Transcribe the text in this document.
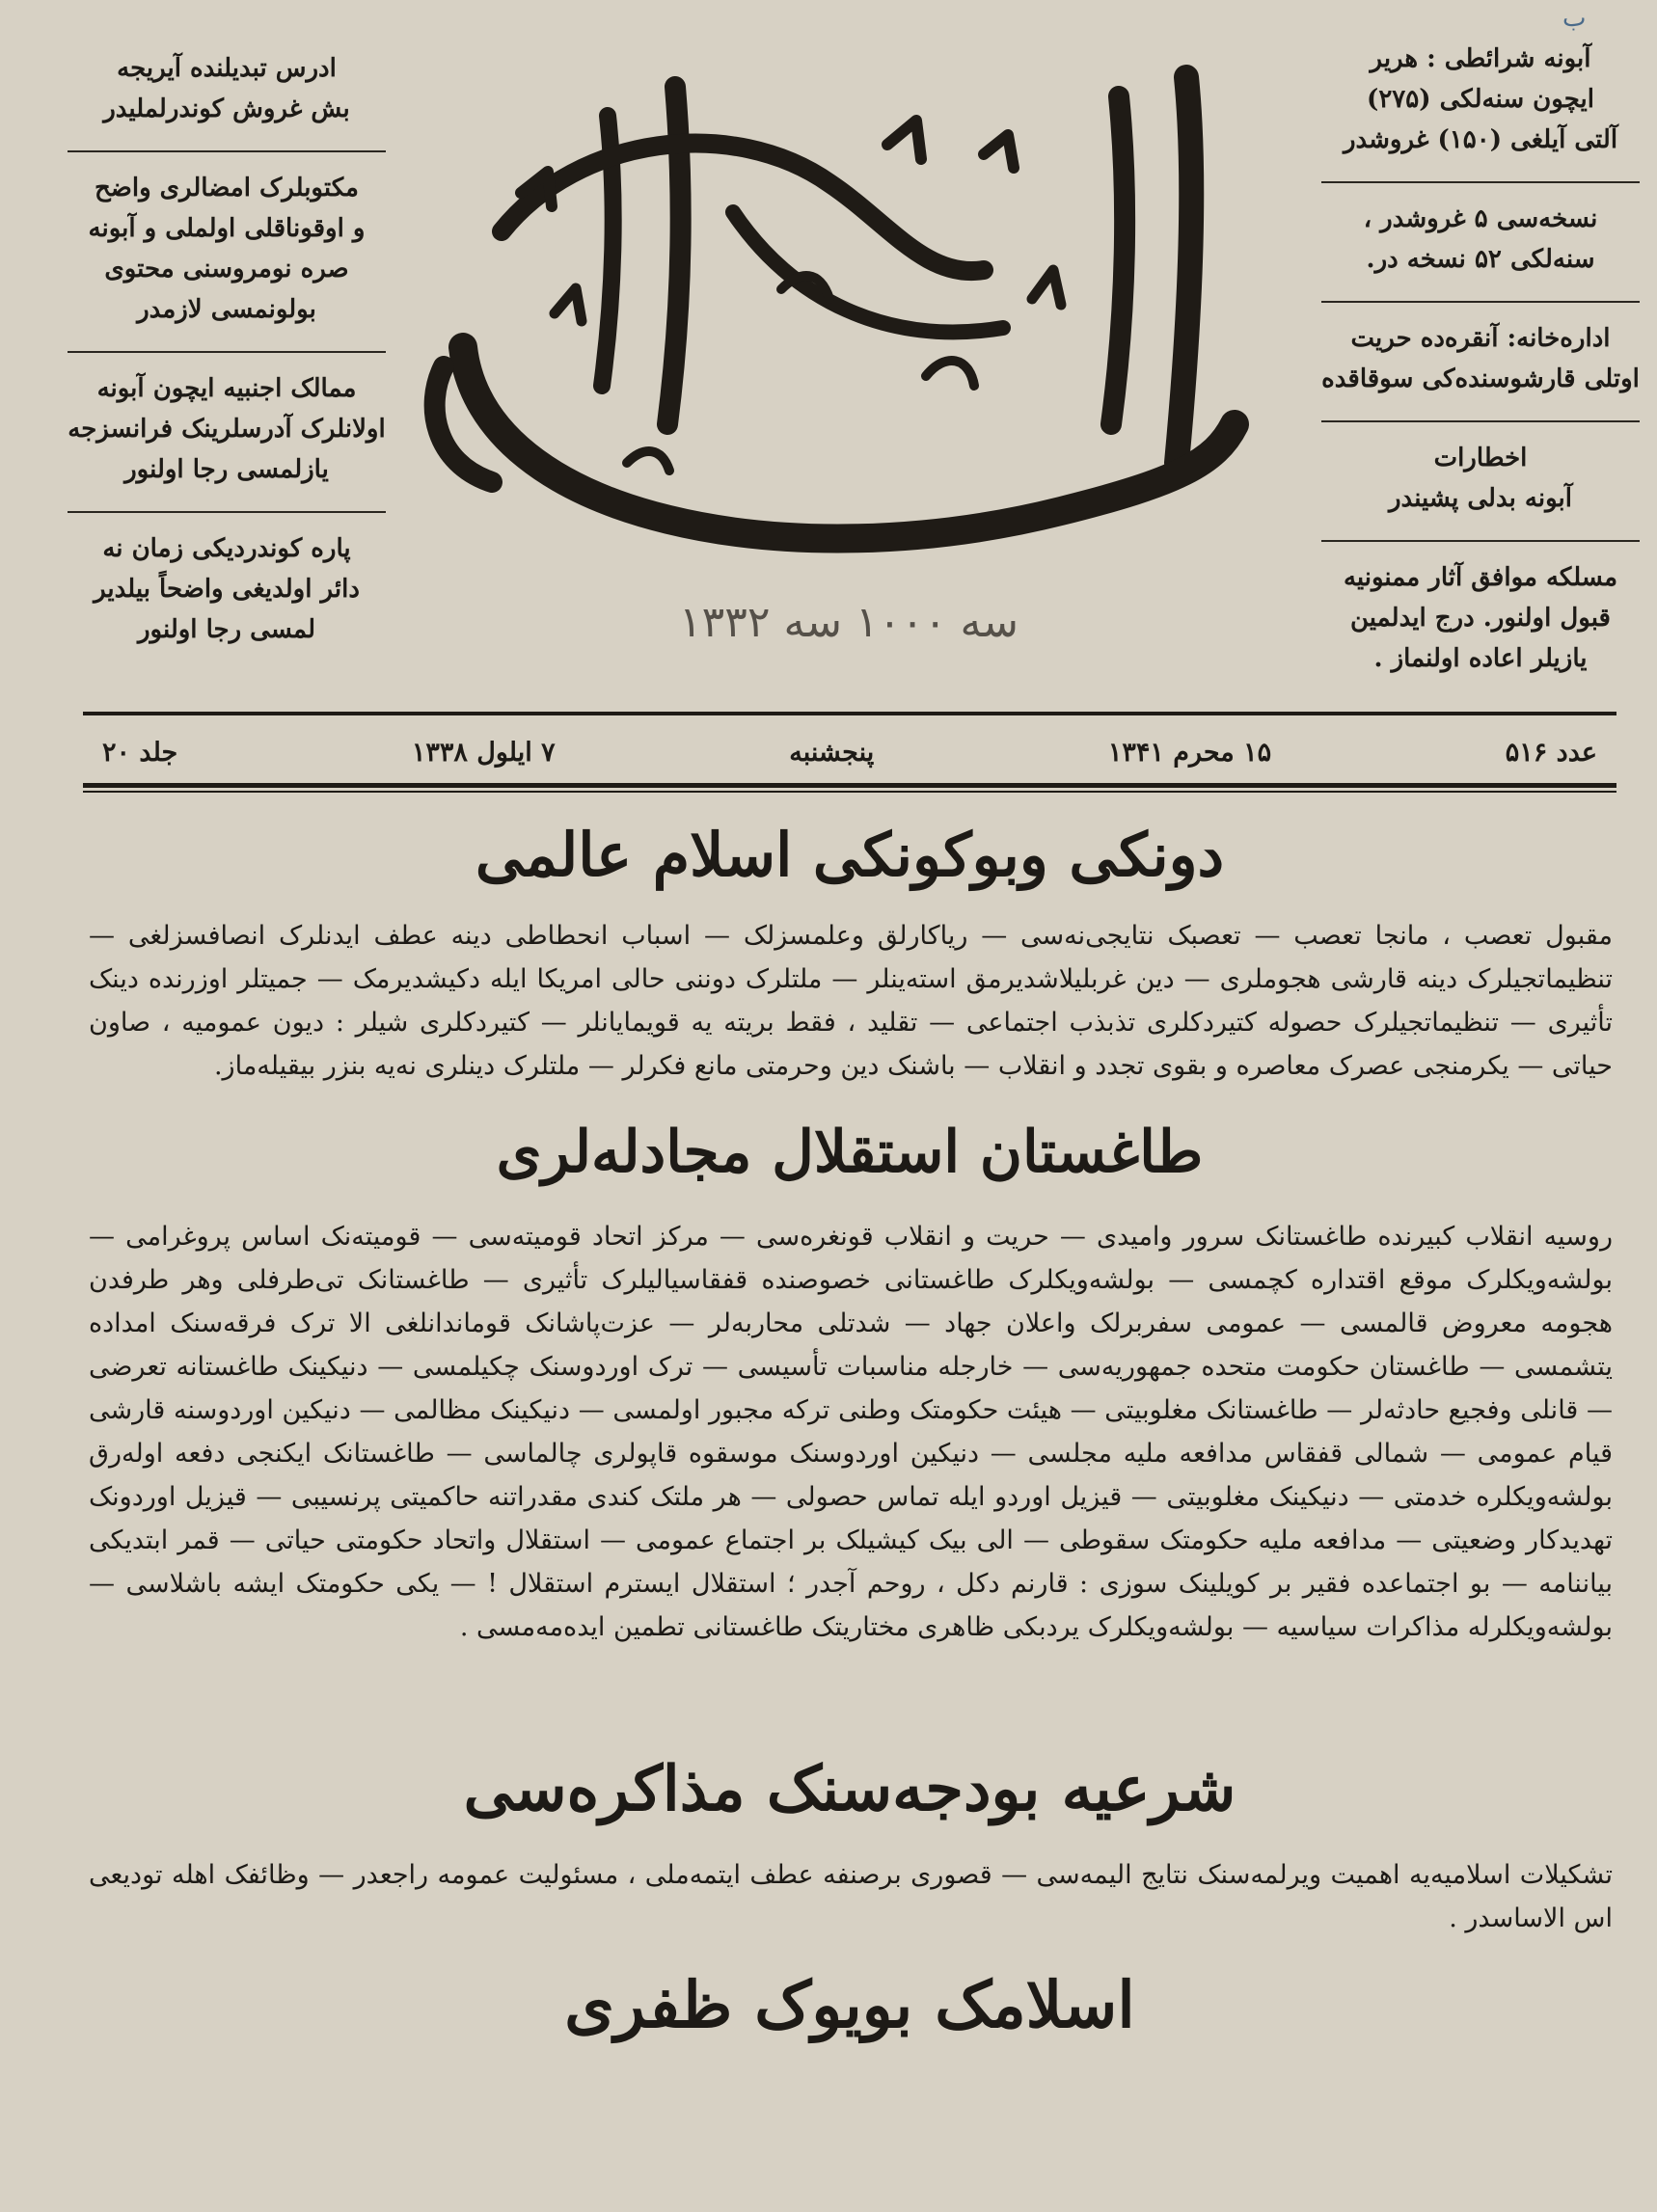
ب

ادرس تبدیلنده آیریجه

بش غروش کوندرلملیدر

مکتوبلرک امضالری واضح

و اوقوناقلی اولملی و آبونه

صره نومروسنی محتوی

بولونمسی لازمدر

ممالک اجنبیه ایچون آبونه

اولانلرک آدرسلرینک فرانسزجه

یازلمسی رجا اولنور

پاره کوندردیکی زمان نه

دائر اولدیغی واضحاً بیلدیر

لمسی رجا اولنور	سه ۱۰۰۰ سه ۱۳۳۲
الرشاد

آبونه شرائطی : هریر

ایچون سنه‌لکی (۲۷۵)

آلتی آیلغی (۱۵۰) غروشدر

نسخه‌سی ۵ غروشدر ،

سنه‌لکی ۵۲ نسخه در.

اداره‌خانه: آنقره‌ده حریت

اوتلی قارشوسنده‌کی سوقاقده

اخطارات

آبونه بدلی پشیندر

مسلکه موافق آثار ممنونیه

قبول اولنور. درج ایدلمین

یازیلر اعاده اولنماز .

عدد ۵۱۶
۱۵ محرم ۱۳۴۱
پنجشنبه
۷ ایلول ۱۳۳۸
جلد ۲۰
دونکی وبوکونکی اسلام عالمی

مقبول تعصب ، مانجا تعصب — تعصبک نتایجی‌نه‌سی — ریاکارلق وعلمسزلک — اسباب انحطاطی دینه عطف ایدنلرک انصافسزلغی — تنظیماتجیلرک دینه قارشی هجوملری — دین غربلیلاشدیرمق استه‌ینلر — ملتلرک دوننی حالی امریکا ایله دکیشدیرمک — جمیتلر اوزرنده دینک تأثیری — تنظیماتجیلرک حصوله کتیردکلری تذبذب اجتماعی — تقلید ، فقط بریته یه قویمایانلر — کتیردکلری شیلر : دیون عمومیه ، صاون حیاتی — یکرمنجی عصرک معاصره و بقوی تجدد و انقلاب — باشنک دین وحرمتی مانع فکرلر — ملتلرک دینلری نه‌یه بنزر بیقیله‌ماز.

طاغستان استقلال مجادله‌لری

روسیه انقلاب کبیرنده طاغستانک سرور وامیدی — حریت و انقلاب قونغره‌سی — مرکز اتحاد قومیته‌سی — قومیته‌نک اساس پروغرامی — بولشه‌ویکلرک موقع اقتداره کچمسی — بولشه‌ویکلرک طاغستانی خصوصنده قفقاسیالیلرک تأثیری — طاغستانک تی‌طرفلی وهر طرفدن هجومه معروض قالمسی — عمومی سفربرلک واعلان جهاد — شدتلی محاربه‌لر — عزت‌پاشانک قوماندانلغی الا ترک فرقه‌سنک امداده یتشمسی — طاغستان حکومت متحده جمهوریه‌سی — خارجله مناسبات تأسیسی — ترک اوردوسنک چکیلمسی — دنیکینک طاغستانه تعرضی — قانلی وفجیع حادثه‌لر — طاغستانک مغلوبیتی — هیئت حکومتک وطنی ترکه مجبور اولمسی — دنیکینک مظالمی — دنیکین اوردوسنه قارشی قیام عمومی — شمالی قفقاس مدافعه ملیه مجلسی — دنیکین اوردوسنک موسقوه قاپولری چالماسی — طاغستانک ایکنجی دفعه اوله‌رق بولشه‌ویکلره خدمتی — دنیکینک مغلوبیتی — قیزیل اوردو ایله تماس حصولی — هر ملتک کندی مقدراتنه حاکمیتی پرنسیبی — قیزیل اوردونک تهدیدکار وضعیتی — مدافعه ملیه حکومتک سقوطی — الی بیک کیشیلک بر اجتماع عمومی — استقلال واتحاد حکومتی حیاتی — قمر ابتدیکی بیاننامه — بو اجتماعده فقیر بر کویلینک سوزی : قارنم دکل ، روحم آجدر ؛ استقلال ایسترم استقلال ! — یکی حکومتک ایشه باشلاسی — بولشه‌ویکلرله مذاکرات سیاسیه — بولشه‌ویکلرک یردبکی ظاهری مختاریتک طاغستانی تطمین ایده‌مه‌مسی .

شرعیه بودجه‌سنک مذاکره‌سی

تشکیلات اسلامیه‌یه اهمیت ویرلمه‌سنک نتایج الیمه‌سی — قصوری برصنفه عطف ایتمه‌ملی ، مسئولیت عمومه راجعدر — وظائفک اهله تودیعی اس الاساسدر .

اسلامک بویوک ظفری
